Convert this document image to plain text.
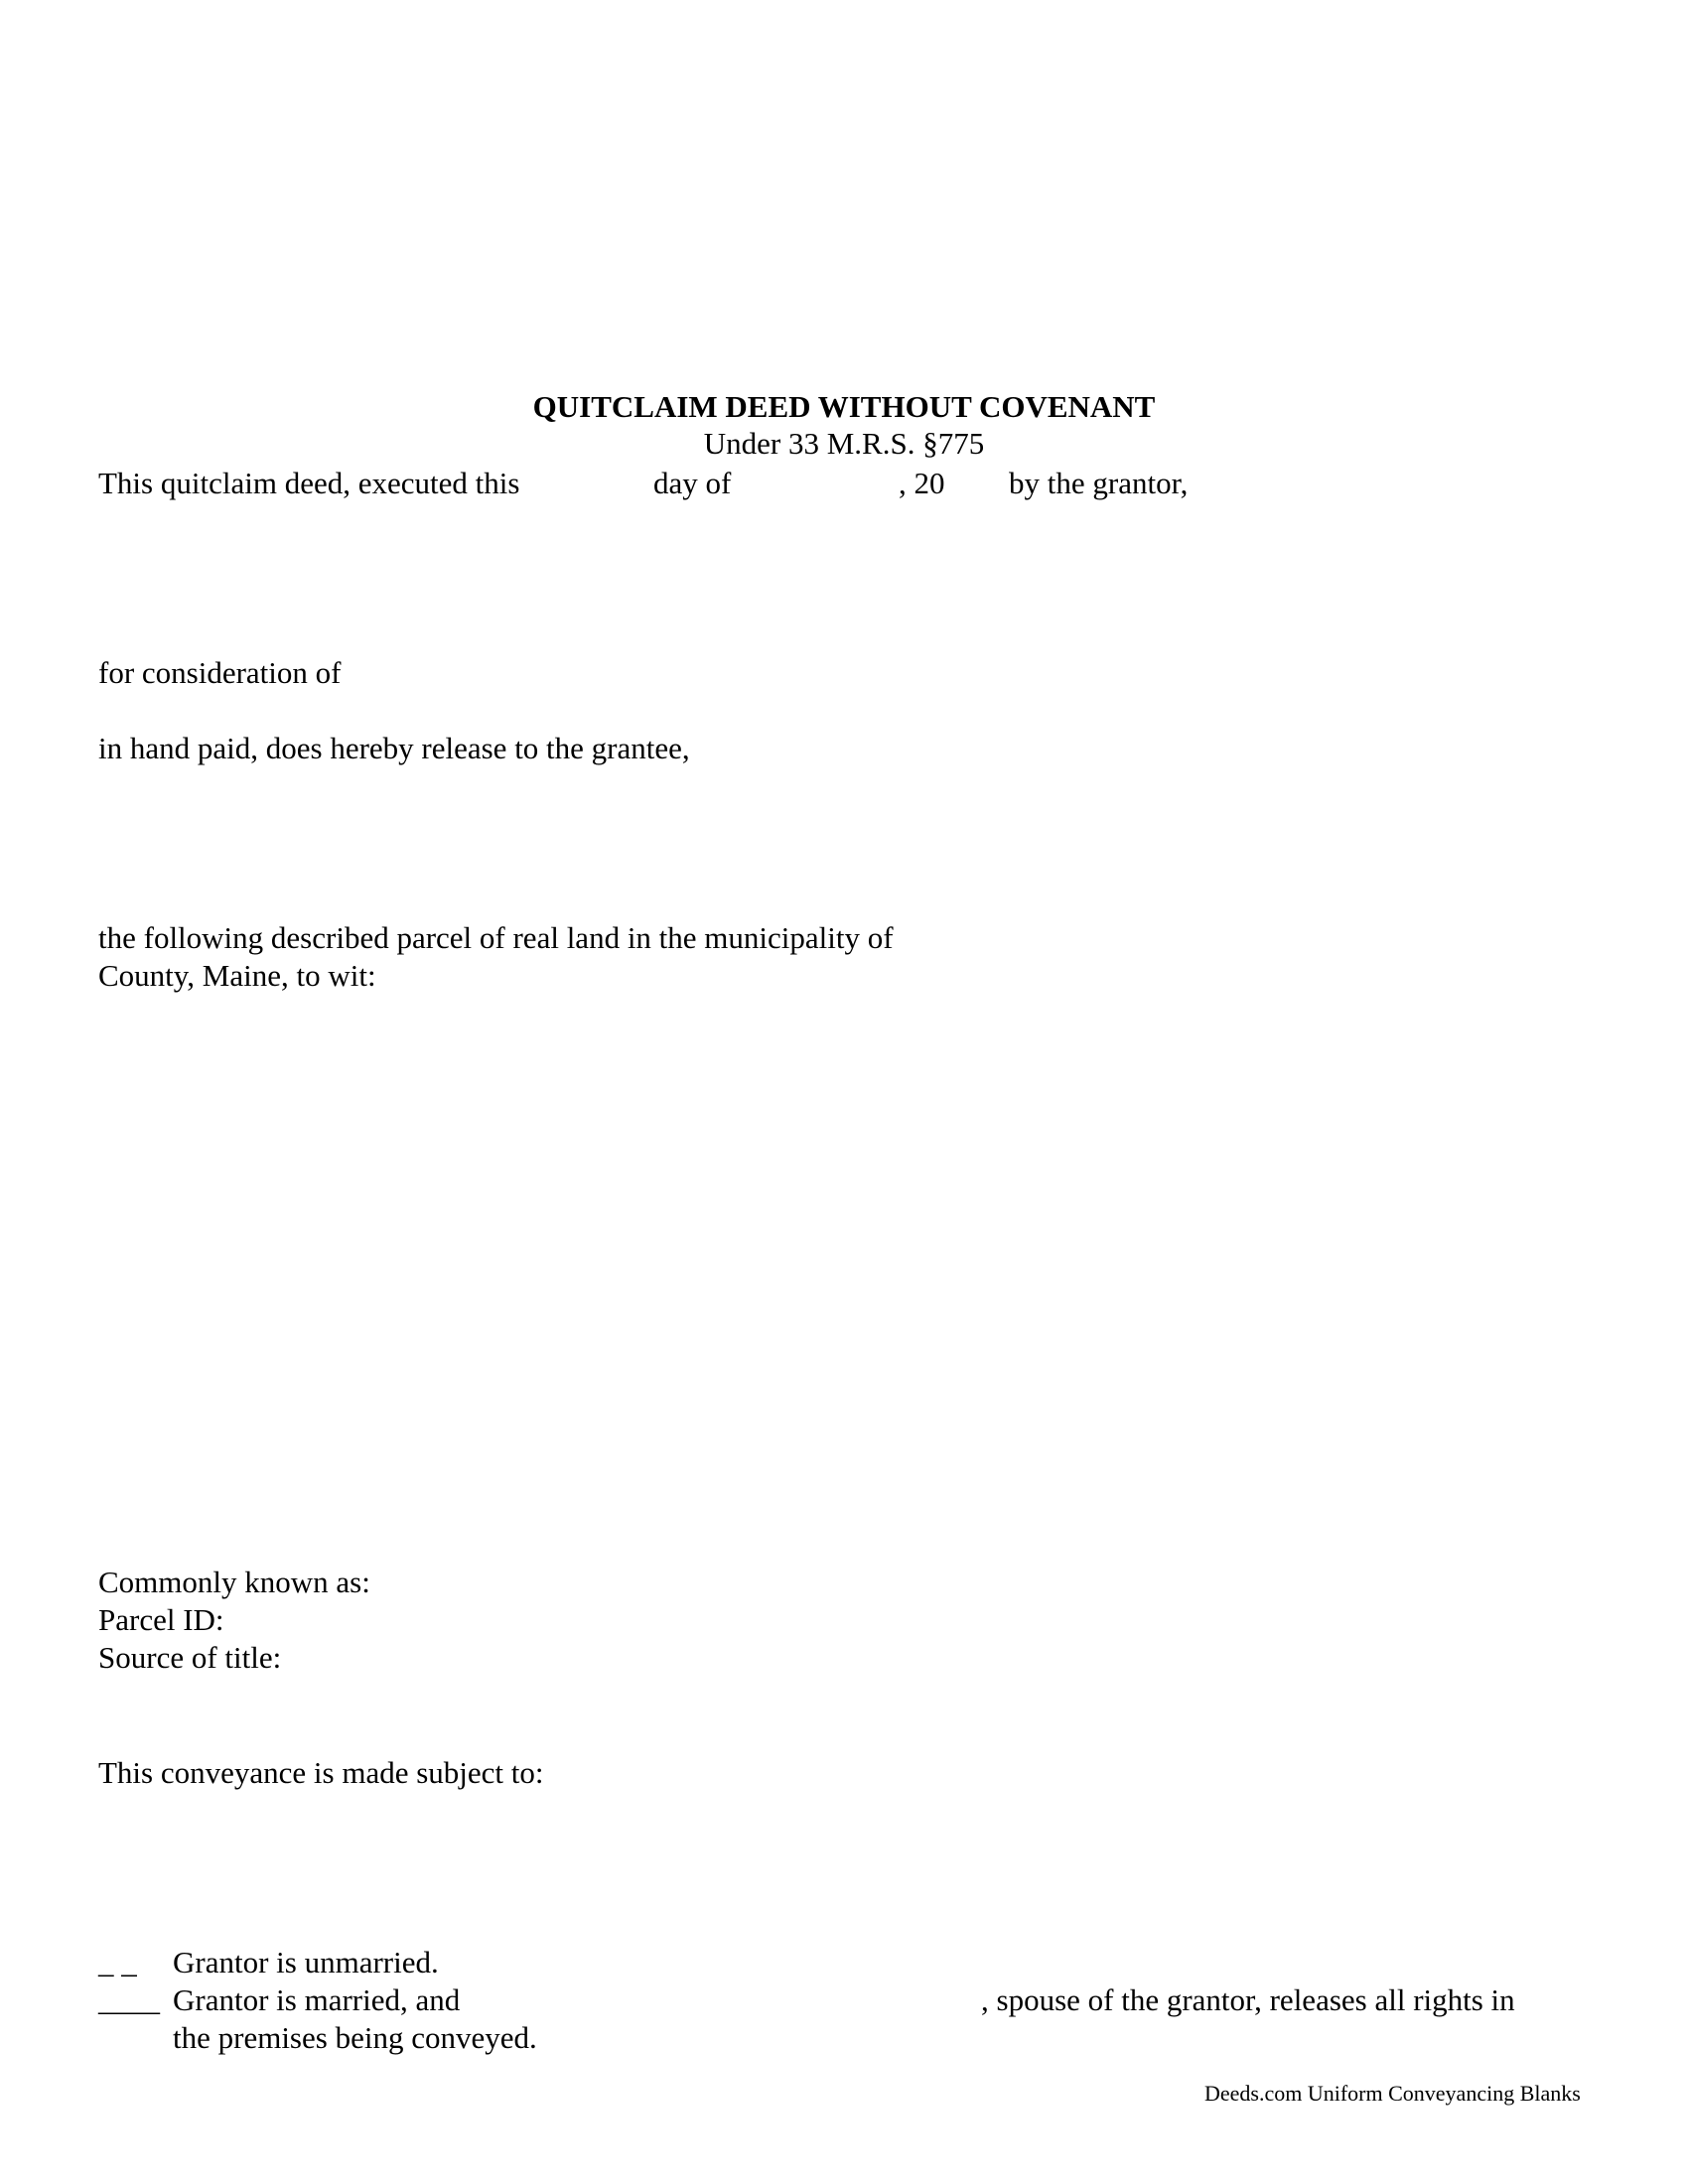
QUITCLAIM DEED WITHOUT COVENANT
Under 33 M.R.S. §775
This quitclaim deed, executed this	day of	, 20 by the grantor,
for consideration of
in hand paid, does hereby release to the grantee,
the following described parcel of real land in the municipality of
County, Maine, to wit:
Commonly known as:
Parcel ID:
Source of title:
This conveyance is made subject to:
_ _ Grantor is unmarried.
____ Grantor is married, and	, spouse of the grantor, releases all rights in
the premises being conveyed.
Deeds.com Uniform Conveyancing Blanks
